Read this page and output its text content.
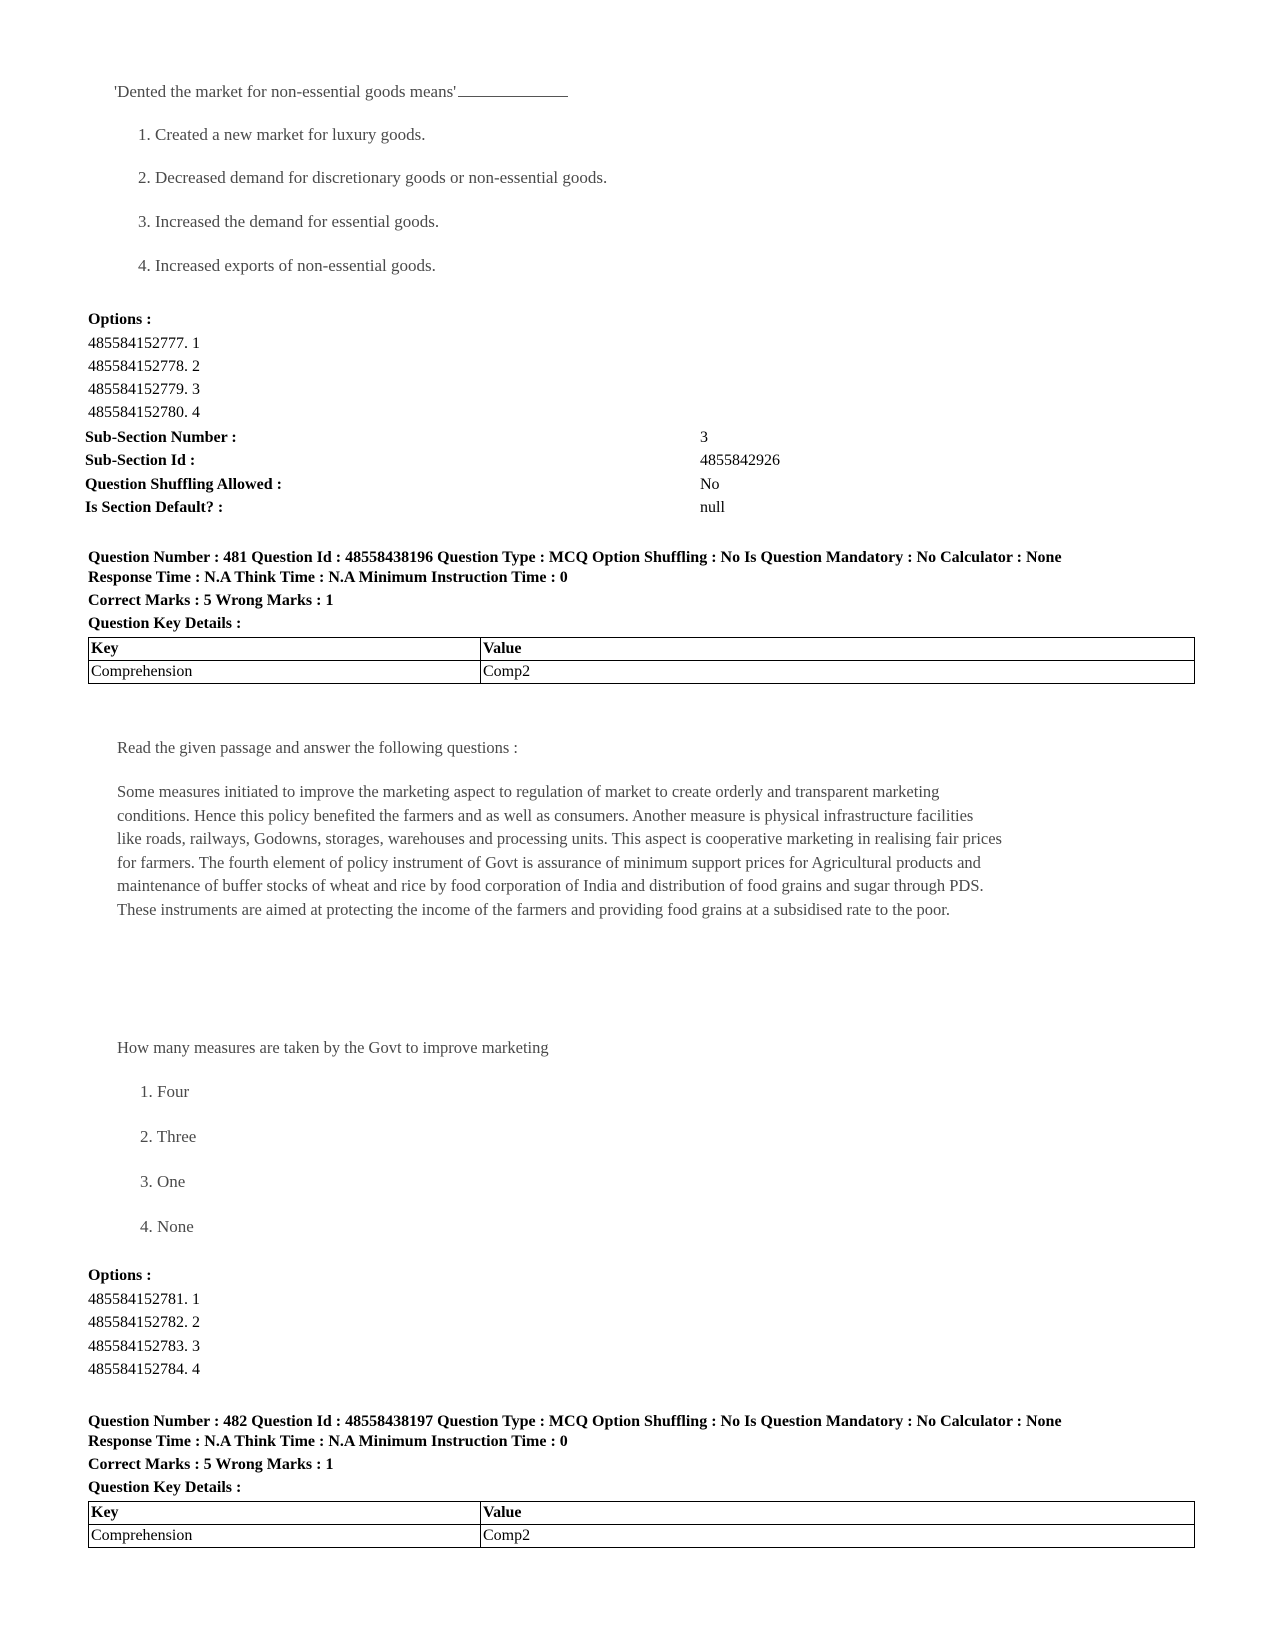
'Dented the market for non-essential goods means'
1. Created a new market for luxury goods.
2. Decreased demand for discretionary goods or non-essential goods.
3. Increased the demand for essential goods.
4. Increased exports of non-essential goods.
Options :
485584152777. 1
485584152778. 2
485584152779. 3
485584152780. 4
Sub-Section Number :	3
Sub-Section Id :	4855842926
Question Shuffling Allowed :	No
Is Section Default? :	null
Question Number : 481 Question Id : 48558438196 Question Type : MCQ Option Shuffling : No Is Question Mandatory : No Calculator : None
Response Time : N.A Think Time : N.A Minimum Instruction Time : 0
Correct Marks : 5 Wrong Marks : 1
Question Key Details :
Key	Value
Comprehension	Comp2
Read the given passage and answer the following questions :
Some measures initiated to improve the marketing aspect to regulation of market to create orderly and transparent marketing conditions. Hence this policy benefited the farmers and as well as consumers. Another measure is physical infrastructure facilities like roads, railways, Godowns, storages, warehouses and processing units. This aspect is cooperative marketing in realising fair prices for farmers. The fourth element of policy instrument of Govt is assurance of minimum support prices for Agricultural products and maintenance of buffer stocks of wheat and rice by food corporation of India and distribution of food grains and sugar through PDS. These instruments are aimed at protecting the income of the farmers and providing food grains at a subsidised rate to the poor.
How many measures are taken by the Govt to improve marketing
1. Four
2. Three
3. One
4. None
Options :
485584152781. 1
485584152782. 2
485584152783. 3
485584152784. 4
Question Number : 482 Question Id : 48558438197 Question Type : MCQ Option Shuffling : No Is Question Mandatory : No Calculator : None
Response Time : N.A Think Time : N.A Minimum Instruction Time : 0
Correct Marks : 5 Wrong Marks : 1
Question Key Details :
Key	Value
Comprehension	Comp2
